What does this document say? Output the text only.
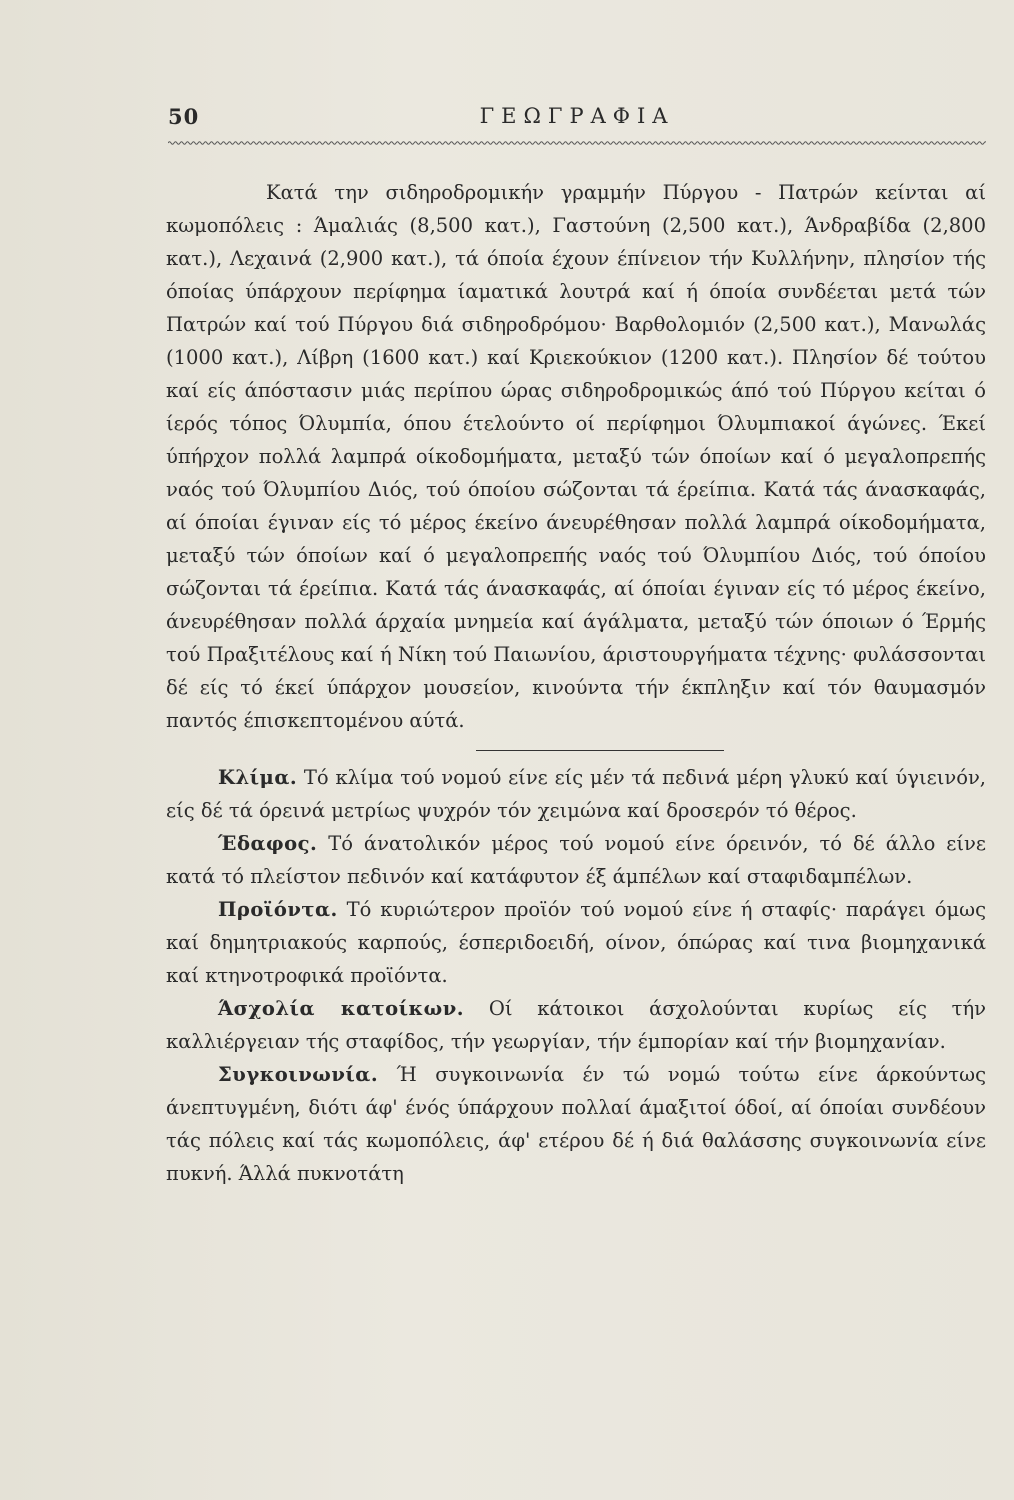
50	ΓΕΩΓΡΑΦΙΑ

Κατά την σιδηροδρομικήν γραμμήν Πύργου - Πατρών κείνται αί κωμοπόλεις : Άμαλιάς (8,500 κατ.), Γαστούνη (2,500 κατ.), Άνδραβίδα (2,800 κατ.), Λεχαινά (2,900 κατ.), τά όποία έχουν έπίνειον τήν Κυλλήνην, πλησίον τής όποίας ύπάρχουν περίφημα ίαματικά λουτρά καί ή όποία συνδέεται μετά τών Πατρών καί τού Πύργου διά σιδηροδρόμου· Βαρθολομιόν (2,500 κατ.), Μανωλάς (1000 κατ.), Λίβρη (1600 κατ.) καί Κριεκούκιον (1200 κατ.). Πλησίον δέ τούτου καί είς άπόστασιν μιάς περίπου ώρας σιδηροδρομικώς άπό τού Πύργου κείται ό ίερός τόπος Όλυμπία, όπου έτελούντο οί περίφημοι Όλυμπιακοί άγώνες. Έκεί ύπήρχον πολλά λαμπρά οίκοδομήματα, μεταξύ τών όποίων καί ό μεγαλοπρεπής ναός τού Όλυμπίου Διός, τού όποίου σώζονται τά έρείπια. Κατά τάς άνασκαφάς, αί όποίαι έγιναν είς τό μέρος έκείνο άνευρέθησαν πολλά λαμπρά οίκοδομήματα, μεταξύ τών όποίων καί ό μεγαλοπρεπής ναός τού Όλυμπίου Διός, τού όποίου σώζονται τά έρείπια. Κατά τάς άνασκαφάς, αί όποίαι έγιναν είς τό μέρος έκείνο, άνευρέθησαν πολλά άρχαία μνημεία καί άγάλματα, μεταξύ τών όποιων ό Έρμής τού Πραξιτέλους καί ή Νίκη τού Παιωνίου, άριστουργήματα τέχνης· φυλάσσονται δέ είς τό έκεί ύπάρχον μουσείον, κινούντα τήν έκπληξιν καί τόν θαυμασμόν παντός έπισκεπτομένου αύτά.

Κλίμα. Τό κλίμα τού νομού είνε είς μέν τά πεδινά μέρη γλυκύ καί ύγιεινόν, είς δέ τά όρεινά μετρίως ψυχρόν τόν χειμώνα καί δροσερόν τό θέρος.

Έδαφος. Τό άνατολικόν μέρος τού νομού είνε όρεινόν, τό δέ άλλο είνε κατά τό πλείστον πεδινόν καί κατάφυτον έξ άμπέλων καί σταφιδαμπέλων.

Προϊόντα. Τό κυριώτερον προϊόν τού νομού είνε ή σταφίς· παράγει όμως καί δημητριακούς καρπούς, έσπεριδοειδή, οίνον, όπώρας καί τινα βιομηχανικά καί κτηνοτροφικά προϊόντα.

Άσχολία κατοίκων. Οί κάτοικοι άσχολούνται κυρίως είς τήν καλλιέργειαν τής σταφίδος, τήν γεωργίαν, τήν έμπορίαν καί τήν βιομηχανίαν.

Συγκοινωνία. Ή συγκοινωνία έν τώ νομώ τούτω είνε άρκούντως άνεπτυγμένη, διότι άφ' ένός ύπάρχουν πολλαί άμαξιτοί όδοί, αί όποίαι συνδέουν τάς πόλεις καί τάς κωμοπόλεις, άφ' ετέρου δέ ή διά θαλάσσης συγκοινωνία είνε πυκνή. Άλλά πυκνοτάτη
